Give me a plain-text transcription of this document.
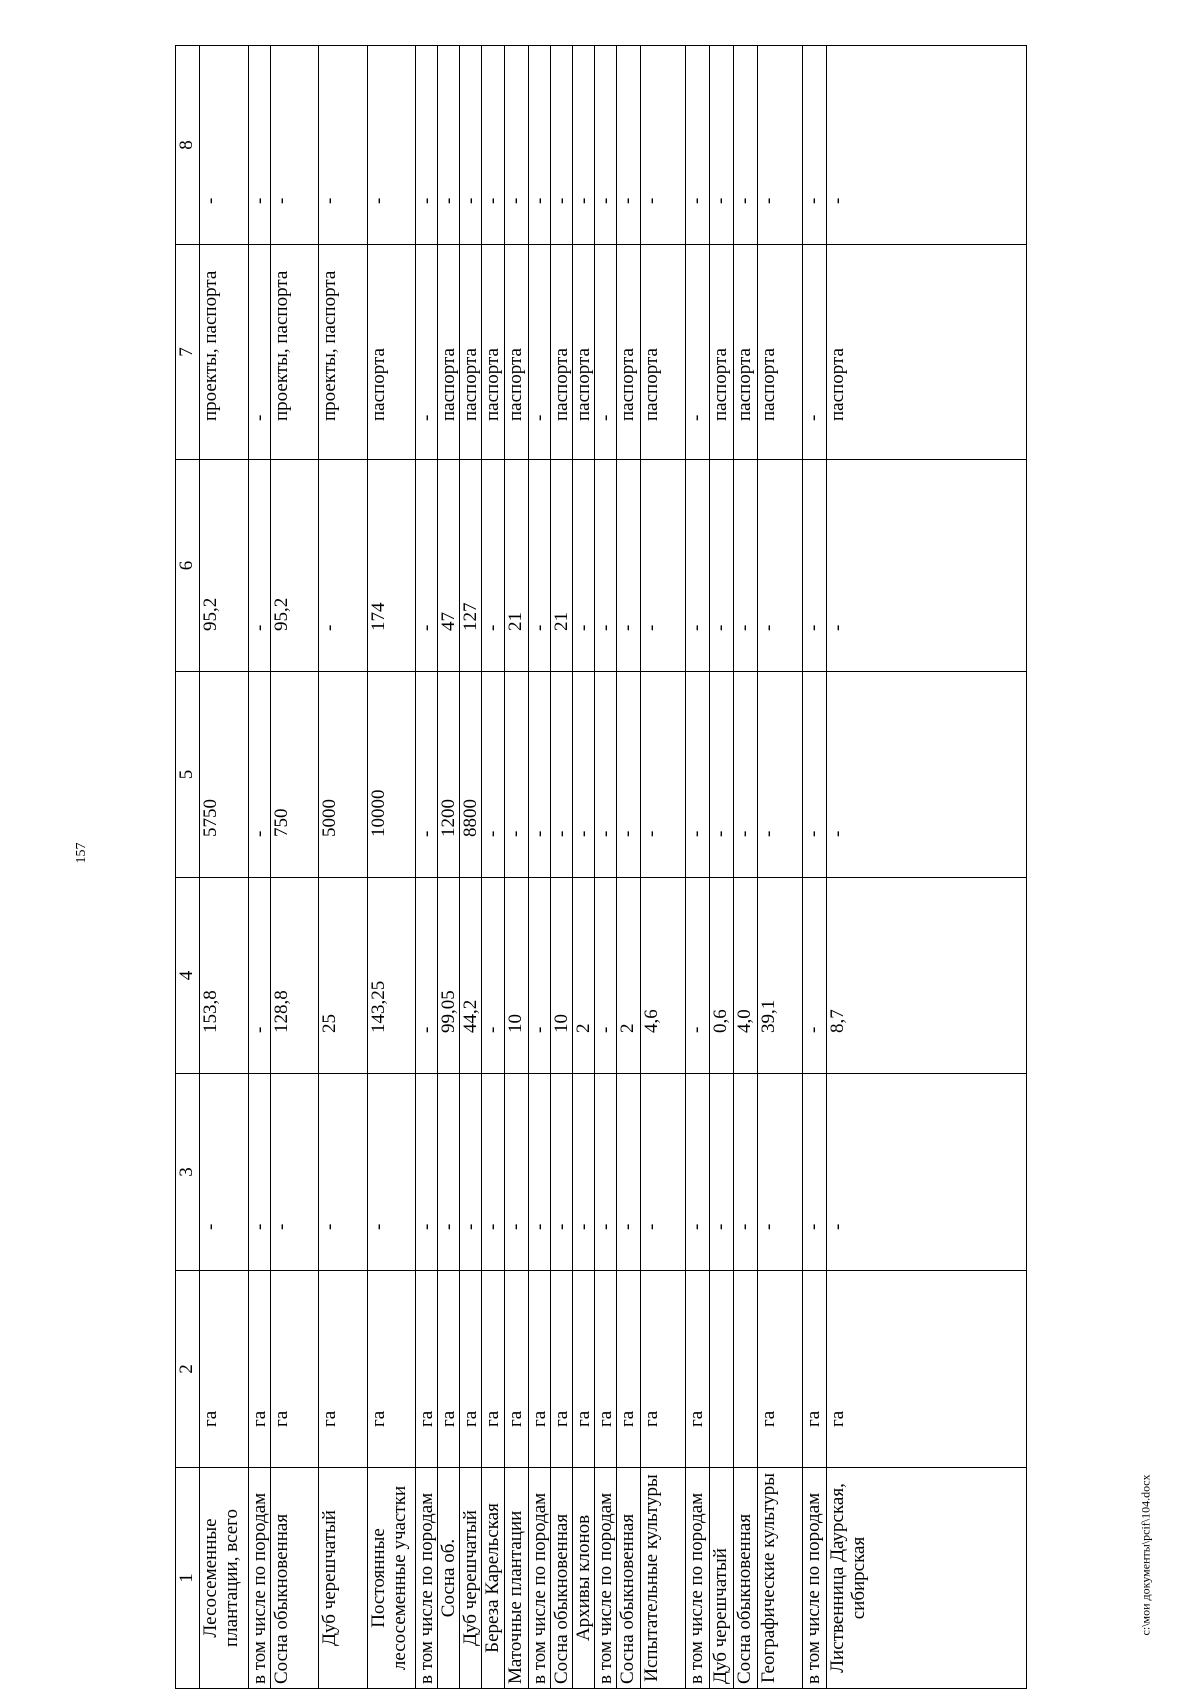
157
1	2	3	4	5	6	7	8
Лесосеменные плантации, всего	га	-	153,8	5750	95,2	проекты, паспорта	-
в том числе по породам	га	-	-	-	-	-	-
Сосна обыкновенная	га	-	128,8	750	95,2	проекты, паспорта	-
Дуб черешчатый	га	-	25	5000	-	проекты, паспорта	-
Постоянные лесосеменные участки	га	-	143,25	10000	174	паспорта	-
в том числе по породам	га	-	-	-	-	-	-
Сосна об.	га	-	99,05	1200	47	паспорта	-
Дуб черешчатый	га	-	44,2	8800	127	паспорта	-
Береза Карельская	га	-	-	-	-	паспорта	-
Маточные плантации	га	-	10	-	21	паспорта	-
в том числе по породам	га	-	-	-	-	-	-
Сосна обыкновенная	га	-	10	-	21	паспорта	-
Архивы клонов	га	-	2	-	-	паспорта	-
в том числе по породам	га	-	-	-	-	-	-
Сосна обыкновенная	га	-	2	-	-	паспорта	-
Испытательные культуры	га	-	4,6	-	-	паспорта	-
в том числе по породам	га	-	-	-	-	-	-
Дуб черешчатый		-	0,6	-	-	паспорта	-
Сосна обыкновенная		-	4,0	-	-	паспорта	-
Географические культуры	га	-	39,1	-	-	паспорта	-
в том числе по породам	га	-	-	-	-	-	-
Лиственница Даурская, сибирская	га	-	8,7	-	-	паспорта	-
c:\мои документы\pcif\104.docx
